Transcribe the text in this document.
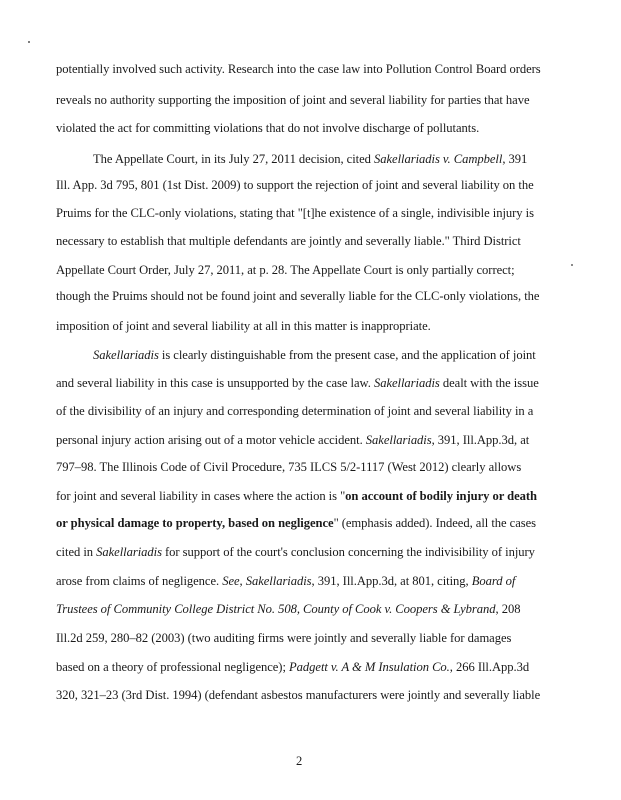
potentially involved such activity. Research into the case law into Pollution Control Board orders
reveals no authority supporting the imposition of joint and several liability for parties that have
violated the act for committing violations that do not involve discharge of pollutants.
The Appellate Court, in its July 27, 2011 decision, cited Sakellariadis v. Campbell, 391
Ill. App. 3d 795, 801 (1st Dist. 2009) to support the rejection of joint and several liability on the
Pruims for the CLC-only violations, stating that "[t]he existence of a single, indivisible injury is
necessary to establish that multiple defendants are jointly and severally liable." Third District
Appellate Court Order, July 27, 2011, at p. 28. The Appellate Court is only partially correct;
though the Pruims should not be found joint and severally liable for the CLC-only violations, the
imposition of joint and several liability at all in this matter is inappropriate.
Sakellariadis is clearly distinguishable from the present case, and the application of joint
and several liability in this case is unsupported by the case law. Sakellariadis dealt with the issue
of the divisibility of an injury and corresponding determination of joint and several liability in a
personal injury action arising out of a motor vehicle accident. Sakellariadis, 391, Ill.App.3d, at
797–98. The Illinois Code of Civil Procedure, 735 ILCS 5/2-1117 (West 2012) clearly allows
for joint and several liability in cases where the action is "on account of bodily injury or death
or physical damage to property, based on negligence" (emphasis added). Indeed, all the cases
cited in Sakellariadis for support of the court's conclusion concerning the indivisibility of injury
arose from claims of negligence. See, Sakellariadis, 391, Ill.App.3d, at 801, citing, Board of
Trustees of Community College District No. 508, County of Cook v. Coopers & Lybrand, 208
Ill.2d 259, 280–82 (2003) (two auditing firms were jointly and severally liable for damages
based on a theory of professional negligence); Padgett v. A & M Insulation Co., 266 Ill.App.3d
320, 321–23 (3rd Dist. 1994) (defendant asbestos manufacturers were jointly and severally liable
2
